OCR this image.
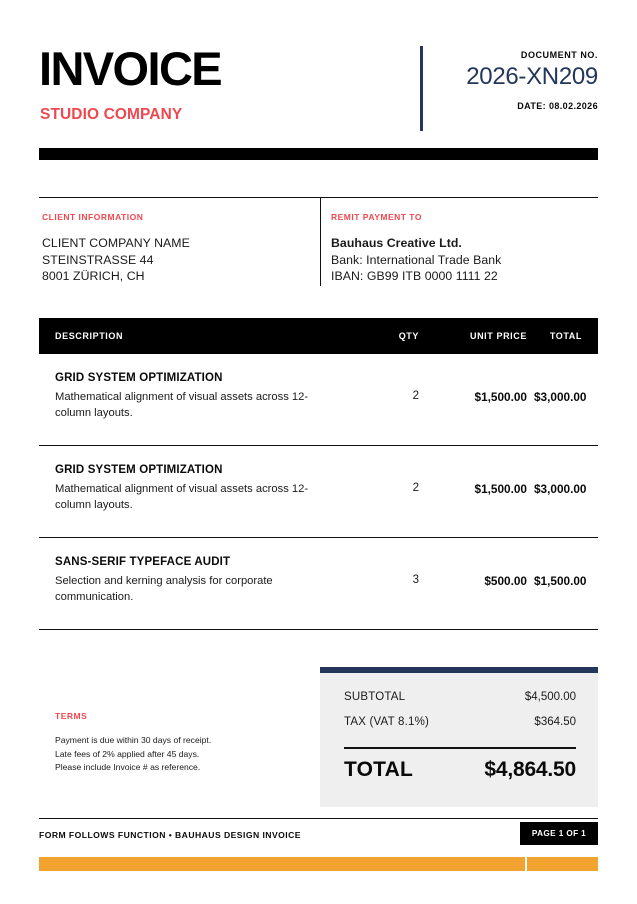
INVOICE
STUDIO COMPANY
DOCUMENT NO.
2026-XN209
DATE: 08.02.2026
CLIENT INFORMATION
CLIENT COMPANY NAME
STEINSTRASSE 44
8001 ZÜRICH, CH
REMIT PAYMENT TO
Bauhaus Creative Ltd.
Bank: International Trade Bank
IBAN: GB99 ITB 0000 1111 22
DESCRIPTION	QTY	UNIT PRICE	TOTAL
GRID SYSTEM OPTIMIZATION
Mathematical alignment of visual assets across 12-column layouts.
2	$1,500.00 $3,000.00
GRID SYSTEM OPTIMIZATION
Mathematical alignment of visual assets across 12-column layouts.
2	$1,500.00 $3,000.00
SANS-SERIF TYPEFACE AUDIT
Selection and kerning analysis for corporate communication.
3	$500.00 $1,500.00
TERMS
Payment is due within 30 days of receipt.
Late fees of 2% applied after 45 days.
Please include Invoice # as reference.
SUBTOTAL	$4,500.00
TAX (VAT 8.1%)	$364.50
TOTAL	$4,864.50
FORM FOLLOWS FUNCTION • BAUHAUS DESIGN INVOICE	PAGE 1 OF 1
